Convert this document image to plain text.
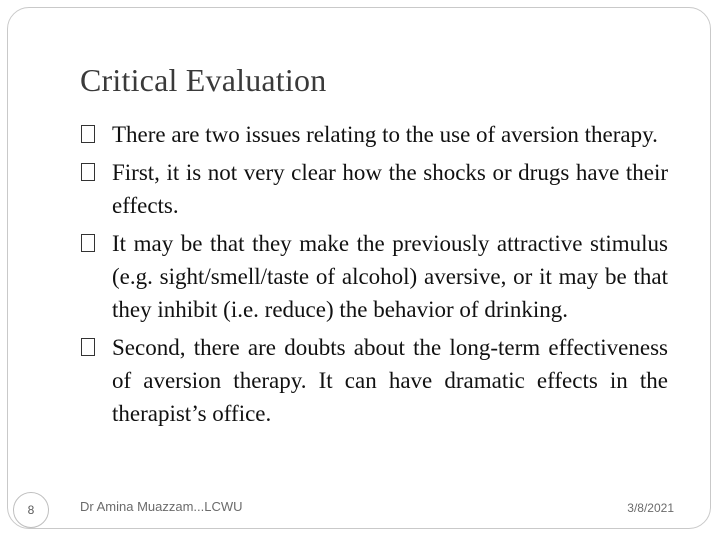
Critical Evaluation
There are two issues relating to the use of aversion therapy.
First, it is not very clear how the shocks or drugs have their effects.
It may be that they make the previously attractive stimulus (e.g. sight/smell/taste of alcohol) aversive, or it may be that they inhibit (i.e. reduce) the behavior of drinking.
Second, there are doubts about the long-term effectiveness of aversion therapy. It can have dramatic effects in the therapist’s office.
8	Dr Amina Muazzam...LCWU	3/8/2021
